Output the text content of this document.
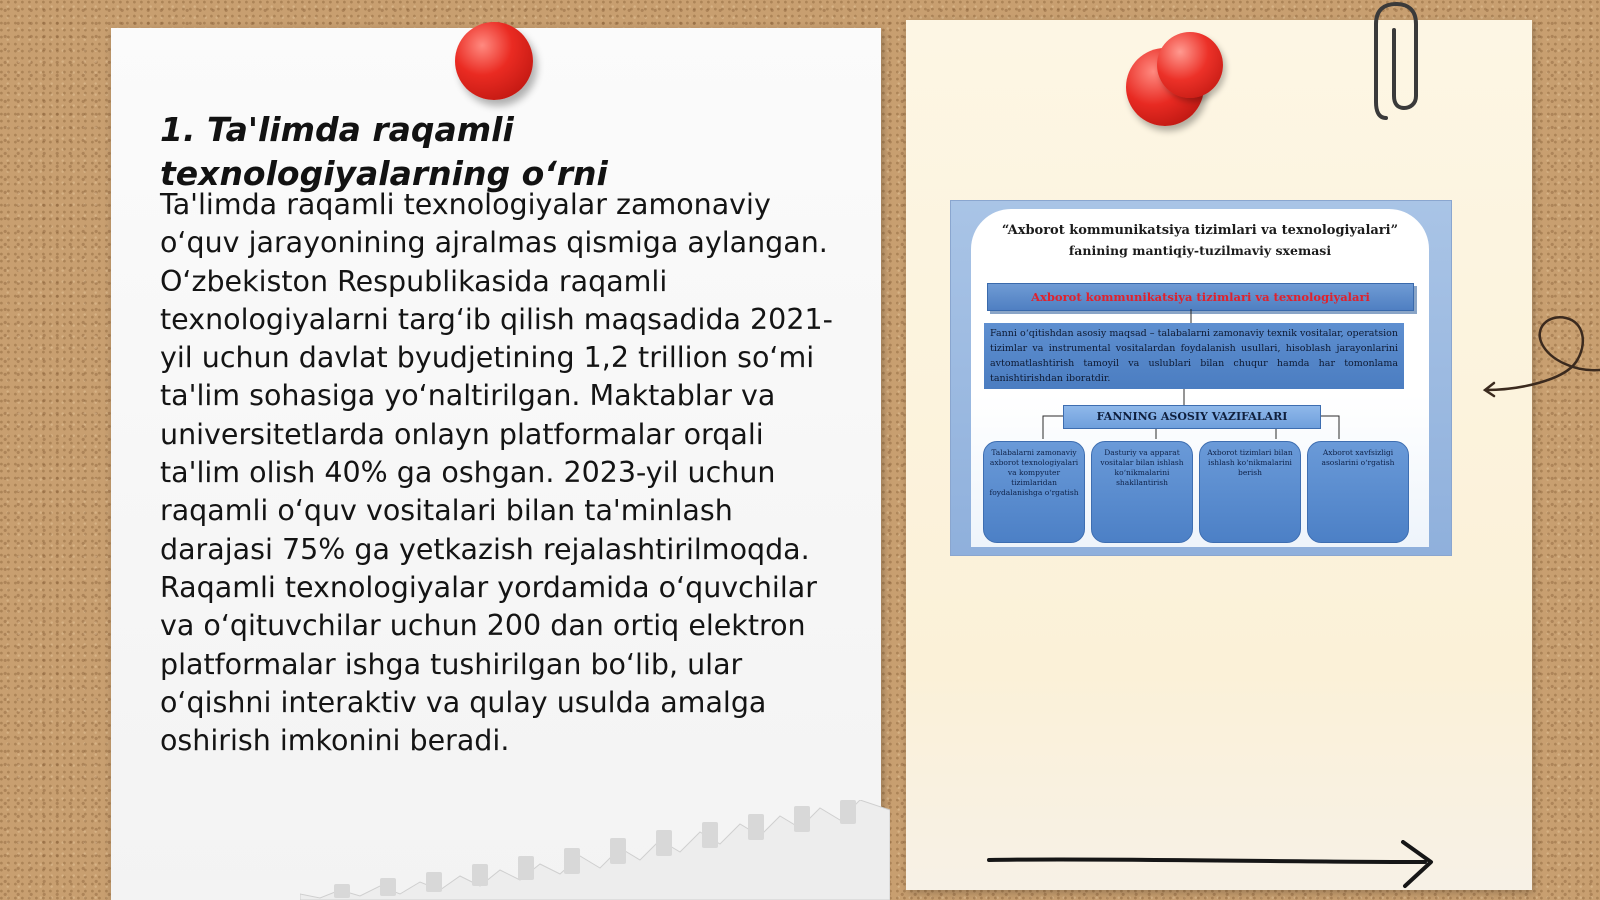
1. Ta'limda raqamli texnologiyalarning o‘rni

Ta'limda raqamli texnologiyalar zamonaviy o‘quv jarayonining ajralmas qismiga aylangan. O‘zbekiston Respublikasida raqamli texnologiyalarni targ‘ib qilish maqsadida 2021-yil uchun davlat byudjetining 1,2 trillion so‘mi ta'lim sohasiga yo‘naltirilgan. Maktablar va universitetlarda onlayn platformalar orqali ta'lim olish 40% ga oshgan. 2023-yil uchun raqamli o‘quv vositalari bilan ta'minlash darajasi 75% ga yetkazish rejalashtirilmoqda. Raqamli texnologiyalar yordamida o‘quvchilar va o‘qituvchilar uchun 200 dan ortiq elektron platformalar ishga tushirilgan bo‘lib, ular o‘qishni interaktiv va qulay usulda amalga oshirish imkonini beradi.

“Axborot kommunikatsiya tizimlari va texnologiyalari”
fanining mantiqiy-tuzilmaviy sxemasi
Axborot kommunikatsiya tizimlari va texnologiyalari
Fanni o‘qitishdan asosiy maqsad – talabalarni zamonaviy texnik vositalar, operatsion tizimlar va instrumental vositalardan foydalanish usullari, hisoblash jarayonlarini avtomatlashtirish tamoyil va uslublari bilan chuqur hamda har tomonlama tanishtirishdan iboratdir.
FANNING ASOSIY VAZIFALARI
Talabalarni zamonaviy axborot texnologiyalari va kompyuter tizimlaridan foydalanishga o‘rgatish
Dasturiy va apparat vositalar bilan ishlash ko‘nikmalarini shakllantirish
Axborot tizimlari bilan ishlash ko‘nikmalarini berish
Axborot xavfsizligi asoslarini o‘rgatish
